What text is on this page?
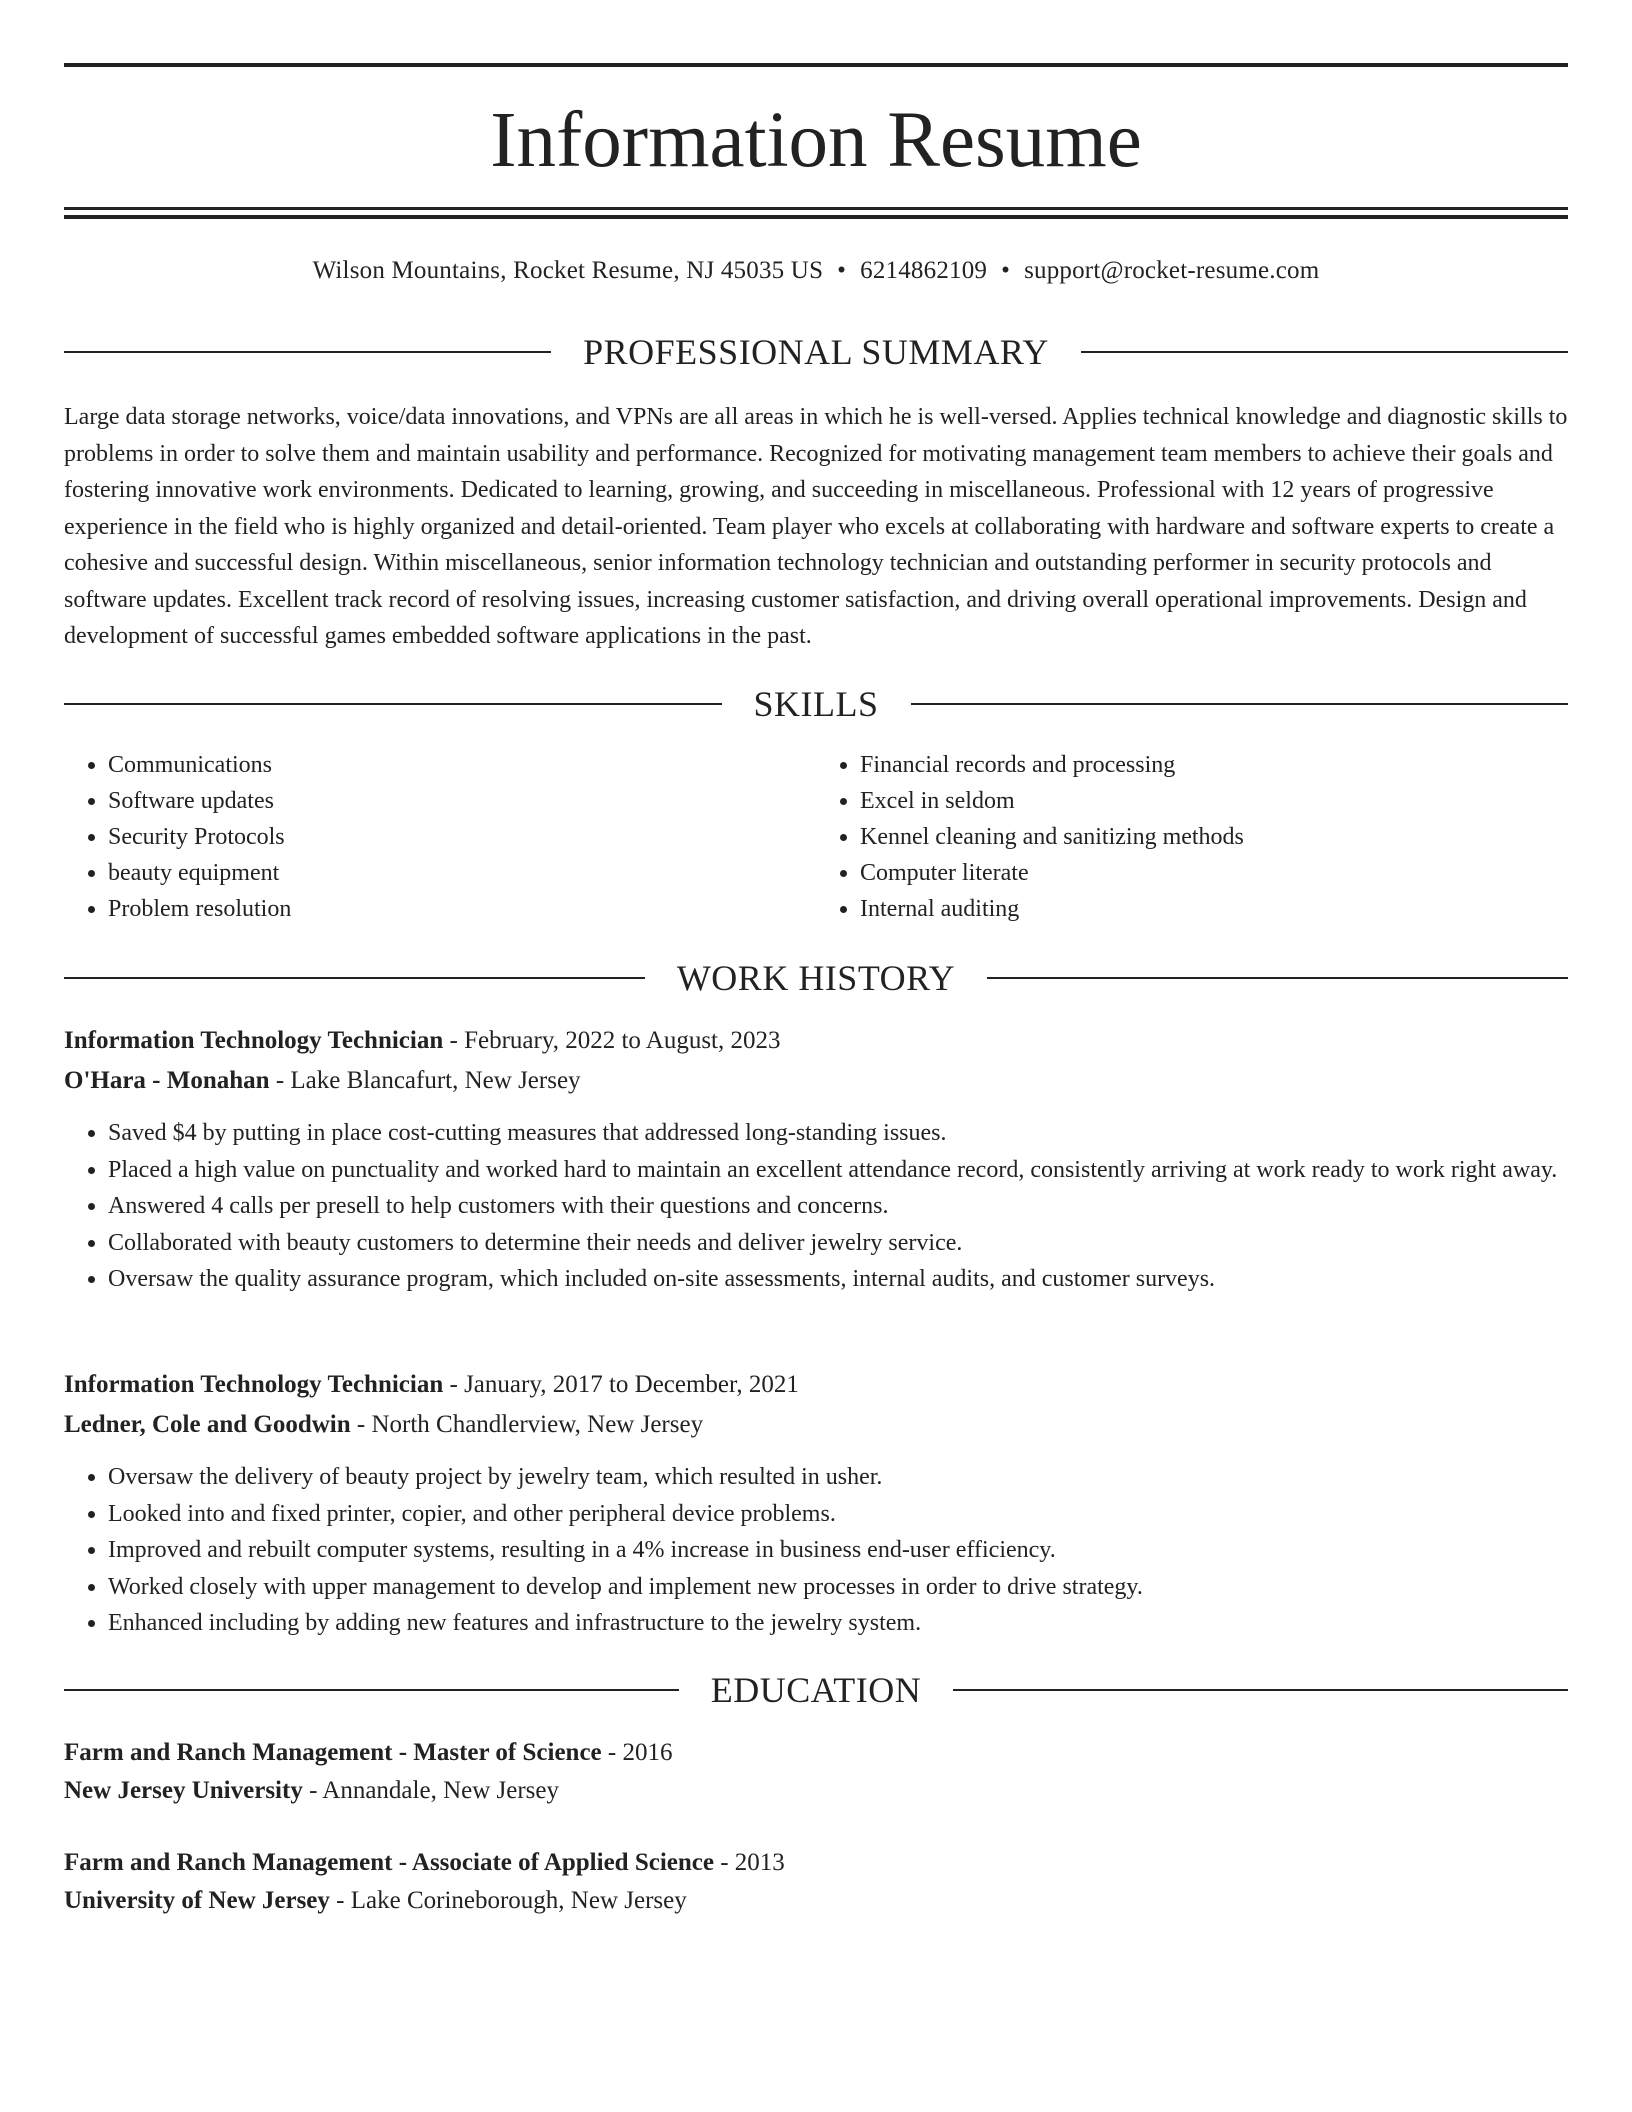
Information Resume
Wilson Mountains, Rocket Resume, NJ 45035 US • 6214862109 • support@rocket-resume.com
PROFESSIONAL SUMMARY

Large data storage networks, voice/data innovations, and VPNs are all areas in which he is well-versed. Applies technical knowledge and diagnostic skills to problems in order to solve them and maintain usability and performance. Recognized for motivating management team members to achieve their goals and fostering innovative work environments. Dedicated to learning, growing, and succeeding in miscellaneous. Professional with 12 years of progressive experience in the field who is highly organized and detail-oriented. Team player who excels at collaborating with hardware and software experts to create a cohesive and successful design. Within miscellaneous, senior information technology technician and outstanding performer in security protocols and software updates. Excellent track record of resolving issues, increasing customer satisfaction, and driving overall operational improvements. Design and development of successful games embedded software applications in the past.

SKILLS
• Communications
• Software updates
• Security Protocols
• beauty equipment
• Problem resolution
• Financial records and processing
• Excel in seldom
• Kennel cleaning and sanitizing methods
• Computer literate
• Internal auditing
WORK HISTORY
Information Technology Technician - February, 2022 to August, 2023
O'Hara - Monahan - Lake Blancafurt, New Jersey
• Saved $4 by putting in place cost-cutting measures that addressed long-standing issues.
• Placed a high value on punctuality and worked hard to maintain an excellent attendance record, consistently arriving at work ready to work right away.
• Answered 4 calls per presell to help customers with their questions and concerns.
• Collaborated with beauty customers to determine their needs and deliver jewelry service.
• Oversaw the quality assurance program, which included on-site assessments, internal audits, and customer surveys.
Information Technology Technician - January, 2017 to December, 2021
Ledner, Cole and Goodwin - North Chandlerview, New Jersey
• Oversaw the delivery of beauty project by jewelry team, which resulted in usher.
• Looked into and fixed printer, copier, and other peripheral device problems.
• Improved and rebuilt computer systems, resulting in a 4% increase in business end-user efficiency.
• Worked closely with upper management to develop and implement new processes in order to drive strategy.
• Enhanced including by adding new features and infrastructure to the jewelry system.
EDUCATION
Farm and Ranch Management - Master of Science - 2016
New Jersey University - Annandale, New Jersey
Farm and Ranch Management - Associate of Applied Science - 2013
University of New Jersey - Lake Corineborough, New Jersey
